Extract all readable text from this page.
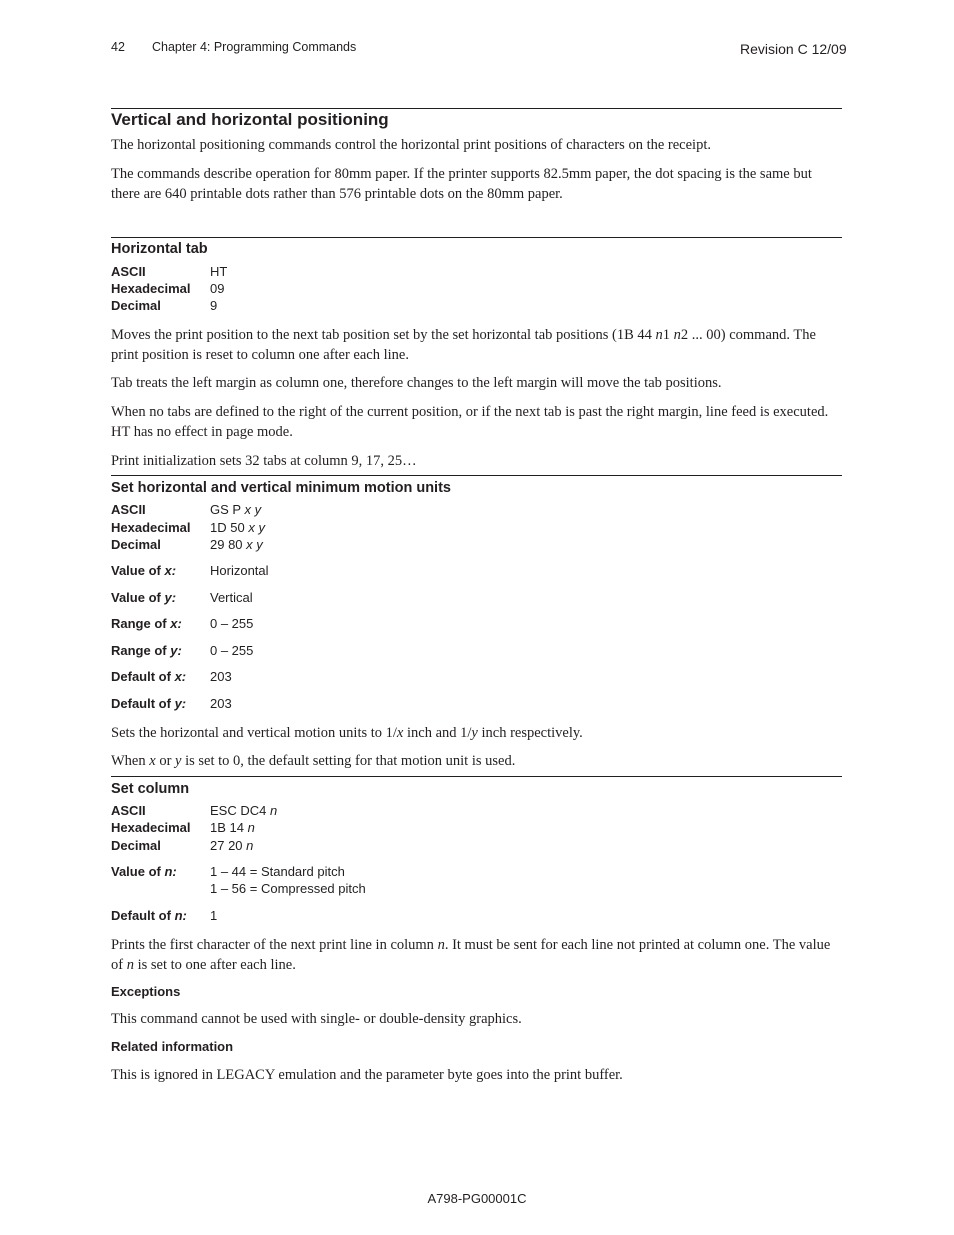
42 Chapter 4: Programming Commands	Revision C 12/09
Vertical and horizontal positioning
The horizontal positioning commands control the horizontal print positions of characters on the receipt.
The commands describe operation for 80mm paper. If the printer supports 82.5mm paper, the dot spacing is the same but there are 640 printable dots rather than 576 printable dots on the 80mm paper.
Horizontal tab
ASCII	HT
Hexadecimal 09
Decimal	9
Moves the print position to the next tab position set by the set horizontal tab positions (1B 44 n1 n2 ... 00) command. The print position is reset to column one after each line.
Tab treats the left margin as column one, therefore changes to the left margin will move the tab positions.
When no tabs are defined to the right of the current position, or if the next tab is past the right margin, line feed is executed. HT has no effect in page mode.
Print initialization sets 32 tabs at column 9, 17, 25…
Set horizontal and vertical minimum motion units
ASCII	GS P x y
Hexadecimal 1D 50 x y
Decimal	29 80 x y
Value of x:	Horizontal
Value of y:	Vertical
Range of x: 0 – 255
Range of y: 0 – 255
Default of x: 203
Default of y: 203
Sets the horizontal and vertical motion units to 1/x inch and 1/y inch respectively.
When x or y is set to 0, the default setting for that motion unit is used.
Set column
ASCII	ESC DC4 n
Hexadecimal 1B 14 n
Decimal	27 20 n
Value of n:	1 – 44 = Standard pitch
1 – 56 = Compressed pitch
Default of n: 1
Prints the first character of the next print line in column n. It must be sent for each line not printed at column one. The value of n is set to one after each line.
Exceptions
This command cannot be used with single- or double-density graphics.
Related information
This is ignored in LEGACY emulation and the parameter byte goes into the print buffer.
A798-PG00001C
